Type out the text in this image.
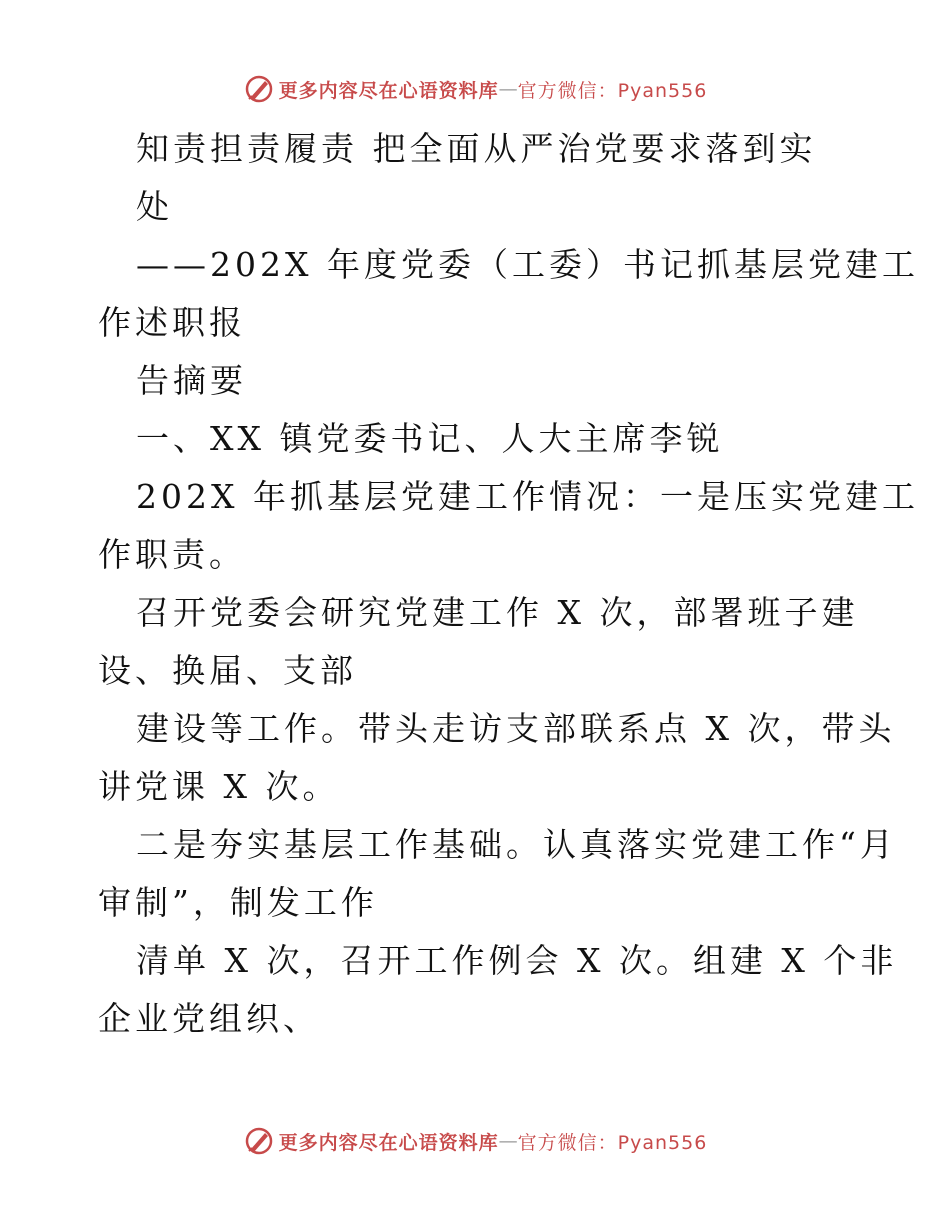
更多内容尽在心语资料库 — 官方微信：Pyan556
知责担责履责 把全面从严治党要求落到实
处
——202X 年度党委（工委）书记抓基层党建工
作述职报
告摘要
一、XX 镇党委书记、人大主席李锐
202X 年抓基层党建工作情况：一是压实党建工
作职责。
召开党委会研究党建工作 X 次，部署班子建
设、换届、支部
建设等工作。带头走访支部联系点 X 次，带头
讲党课 X 次。
二是夯实基层工作基础。认真落实党建工作“月
审制”，制发工作
清单 X 次，召开工作例会 X 次。组建 X 个非
企业党组织、
更多内容尽在心语资料库 — 官方微信：Pyan556
